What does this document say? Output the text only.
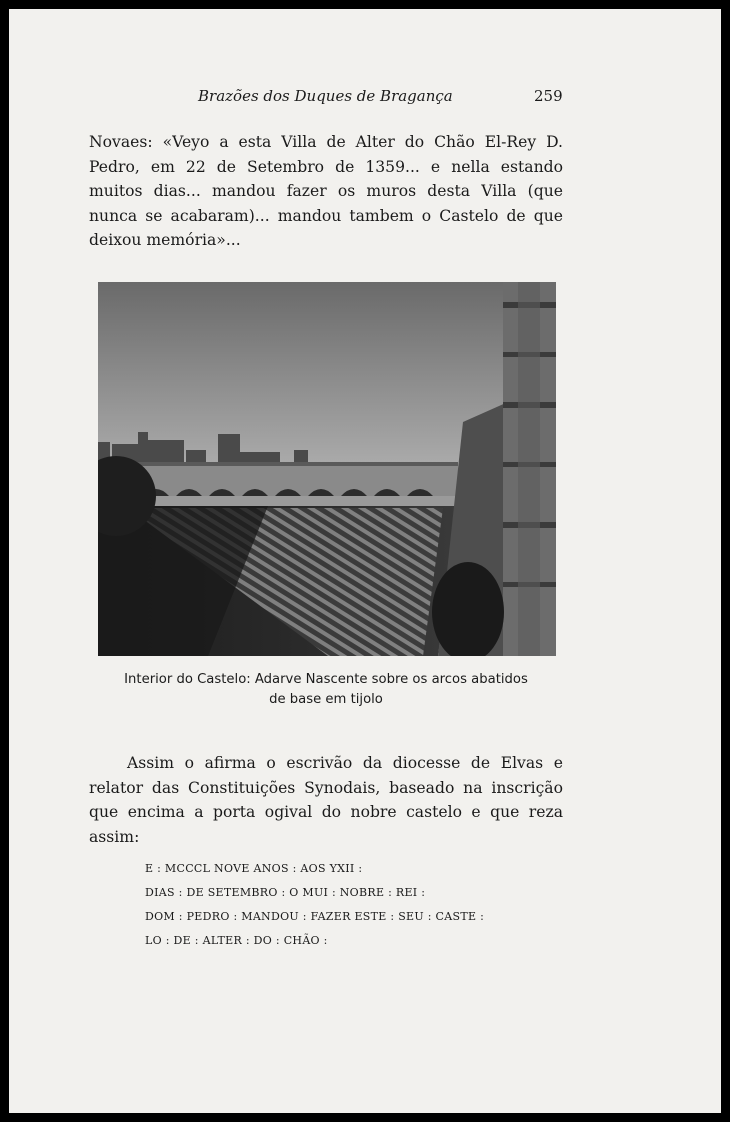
Brazões dos Duques de Bragança	259

Novaes: «Veyo a esta Villa de Alter do Chão El-Rey D. Pedro, em 22 de Setembro de 1359... e nella estando muitos dias... mandou fazer os muros desta Villa (que nunca se acabaram)... mandou tambem o Castelo de que deixou memória»...

Interior do Castelo: Adarve Nascente sobre os arcos abatidos
de base em tijolo

Assim o afirma o escrivão da diocesse de Elvas e relator das Constituições Synodais, baseado na inscrição que encima a porta ogival do nobre castelo e que reza assim:

E : MCCCL NOVE ANOS : AOS YXII :
DIAS : DE SETEMBRO : O MUI : NOBRE : REI :
DOM : PEDRO : MANDOU : FAZER ESTE : SEU : CASTE :
LO : DE : ALTER : DO : CHÃO :
